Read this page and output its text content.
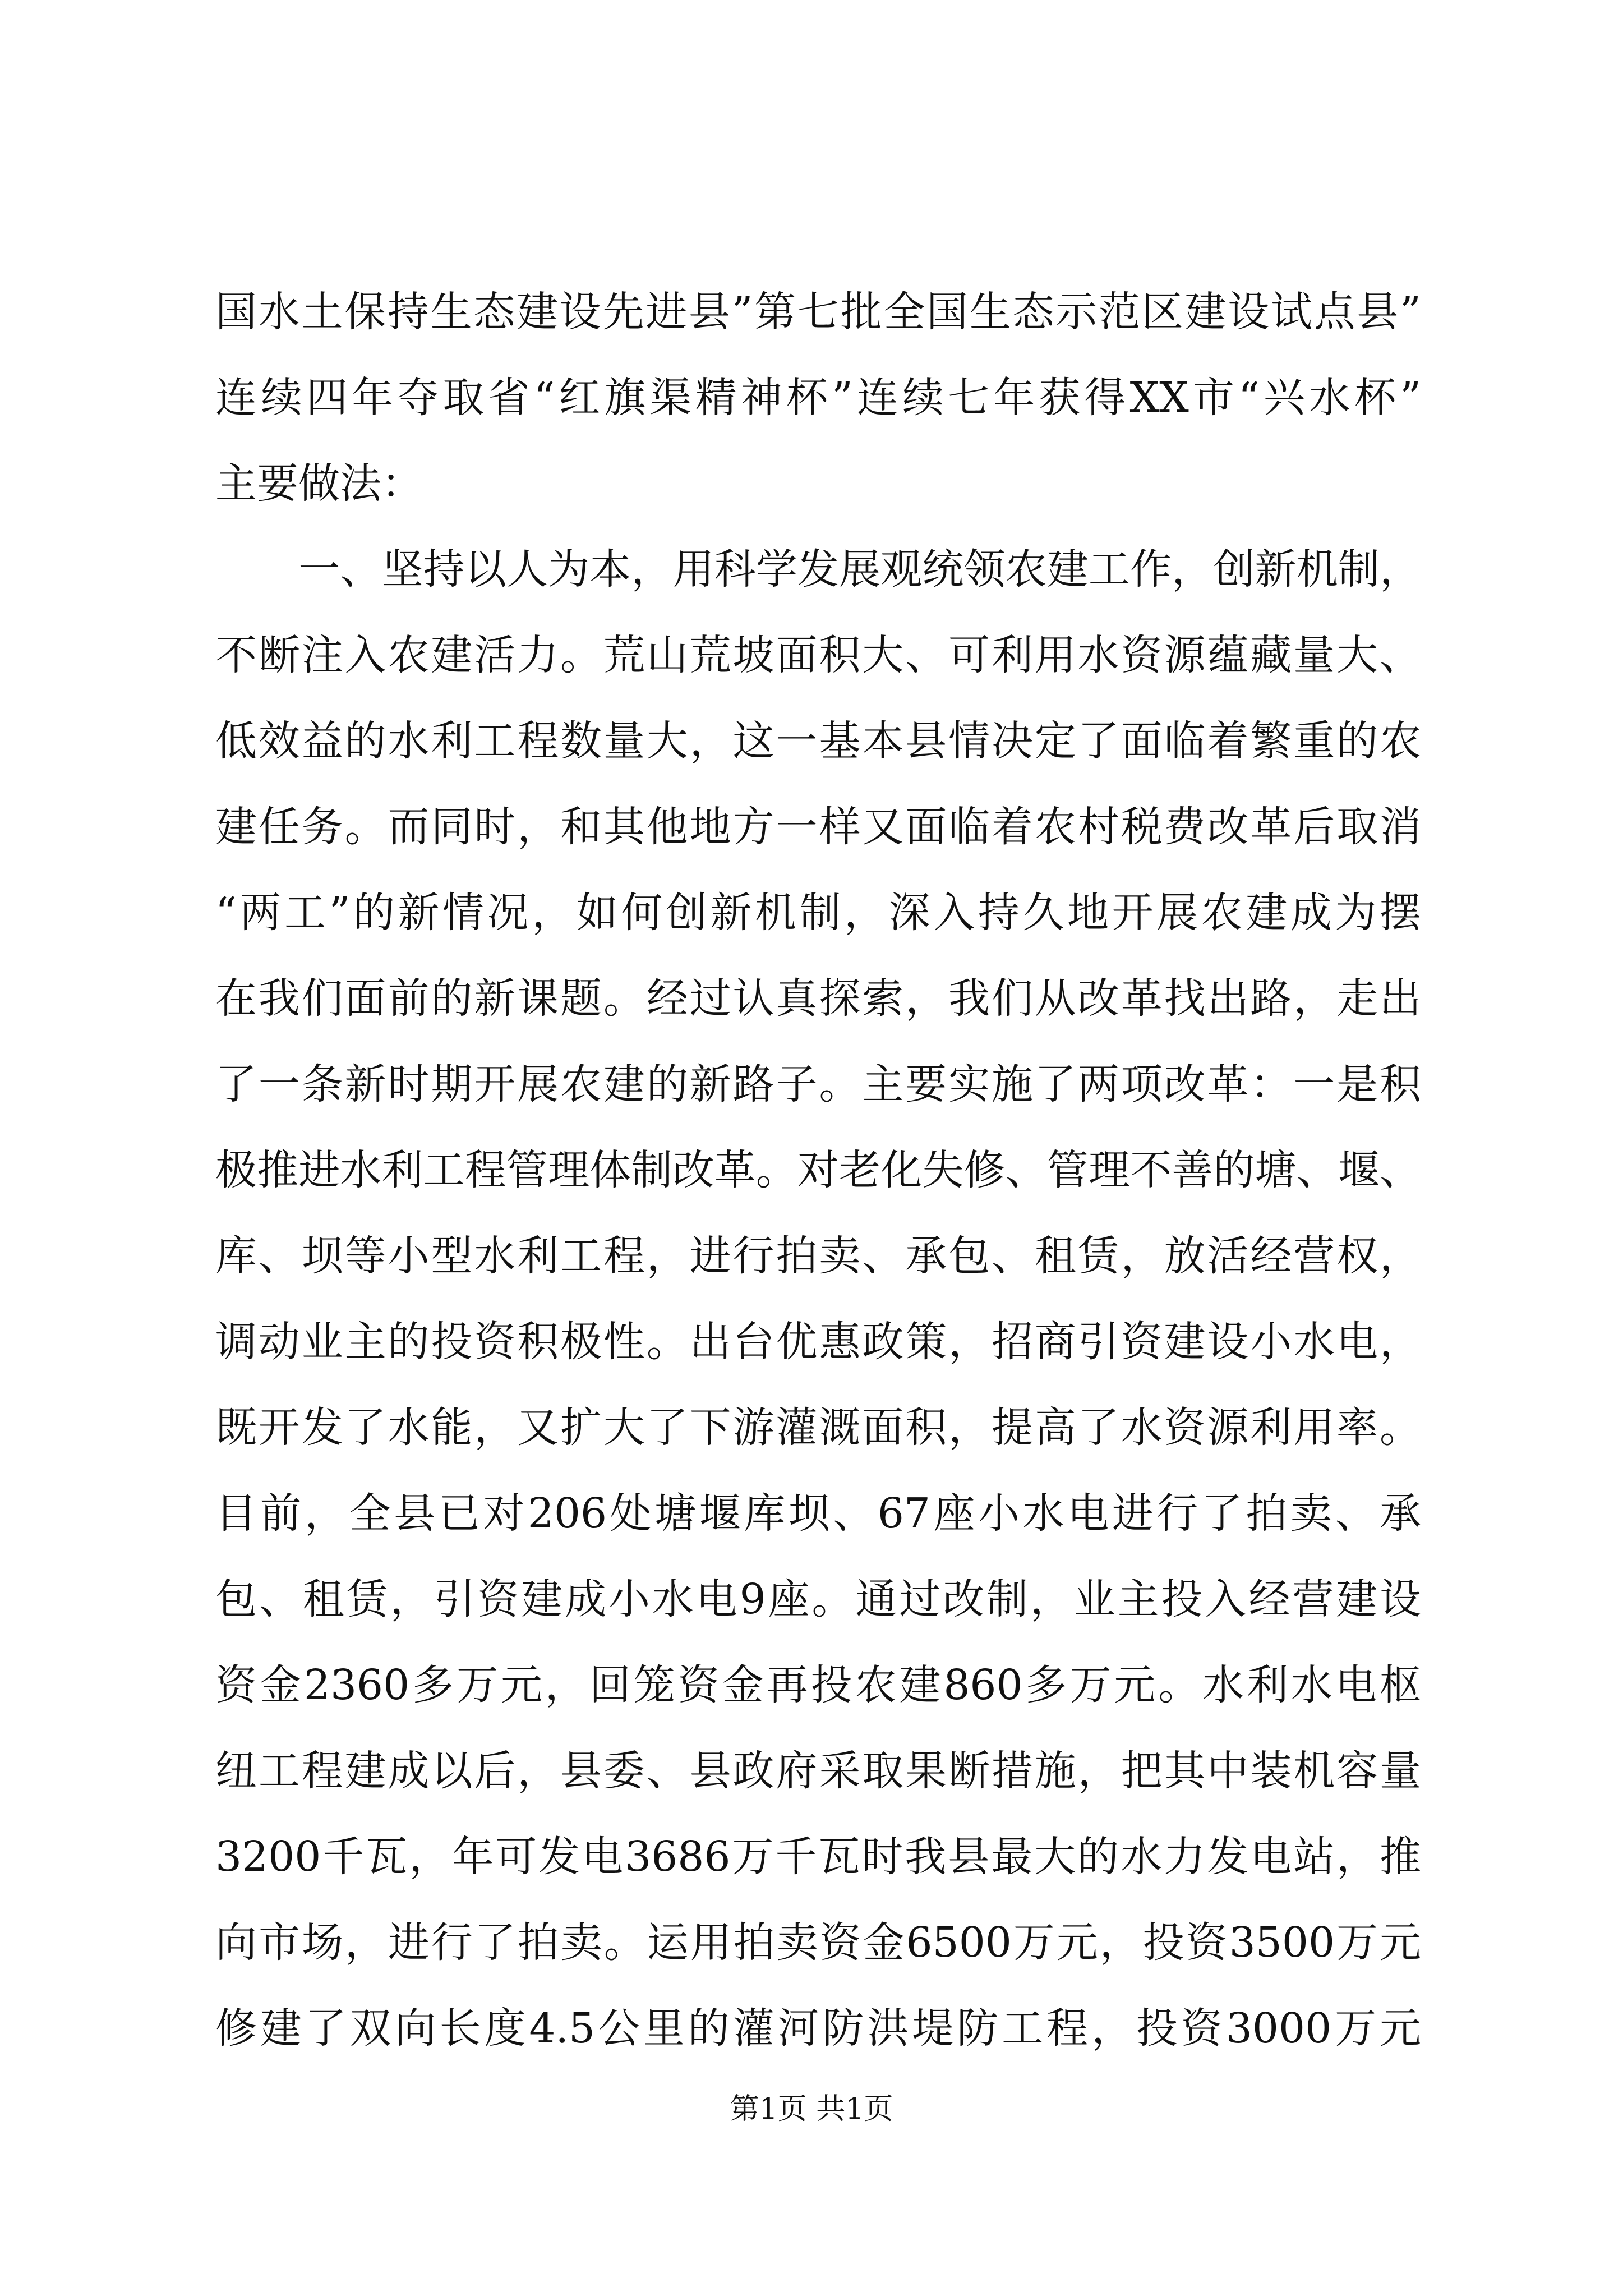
国水土保持生态建设先进县”第七批全国生态示范区建设试点县”
连续四年夺取省“红旗渠精神杯”连续七年获得XX市“兴水杯”
主要做法：
　　一、坚持以人为本，用科学发展观统领农建工作，创新机制，
不断注入农建活力。荒山荒坡面积大、可利用水资源蕴藏量大、
低效益的水利工程数量大，这一基本县情决定了面临着繁重的农
建任务。而同时，和其他地方一样又面临着农村税费改革后取消
“两工”的新情况，如何创新机制，深入持久地开展农建成为摆
在我们面前的新课题。经过认真探索，我们从改革找出路，走出
了一条新时期开展农建的新路子。主要实施了两项改革：一是积
极推进水利工程管理体制改革。对老化失修、管理不善的塘、堰、
库、坝等小型水利工程，进行拍卖、承包、租赁，放活经营权，
调动业主的投资积极性。出台优惠政策，招商引资建设小水电，
既开发了水能，又扩大了下游灌溉面积，提高了水资源利用率。
目前，全县已对206处塘堰库坝、67座小水电进行了拍卖、承
包、租赁，引资建成小水电9座。通过改制，业主投入经营建设
资金2360多万元，回笼资金再投农建860多万元。水利水电枢
纽工程建成以后，县委、县政府采取果断措施，把其中装机容量
3200千瓦，年可发电3686万千瓦时我县最大的水力发电站，推
向市场，进行了拍卖。运用拍卖资金6500万元，投资3500万元
修建了双向长度4.5公里的灌河防洪堤防工程，投资3000万元
第1页 共1页
